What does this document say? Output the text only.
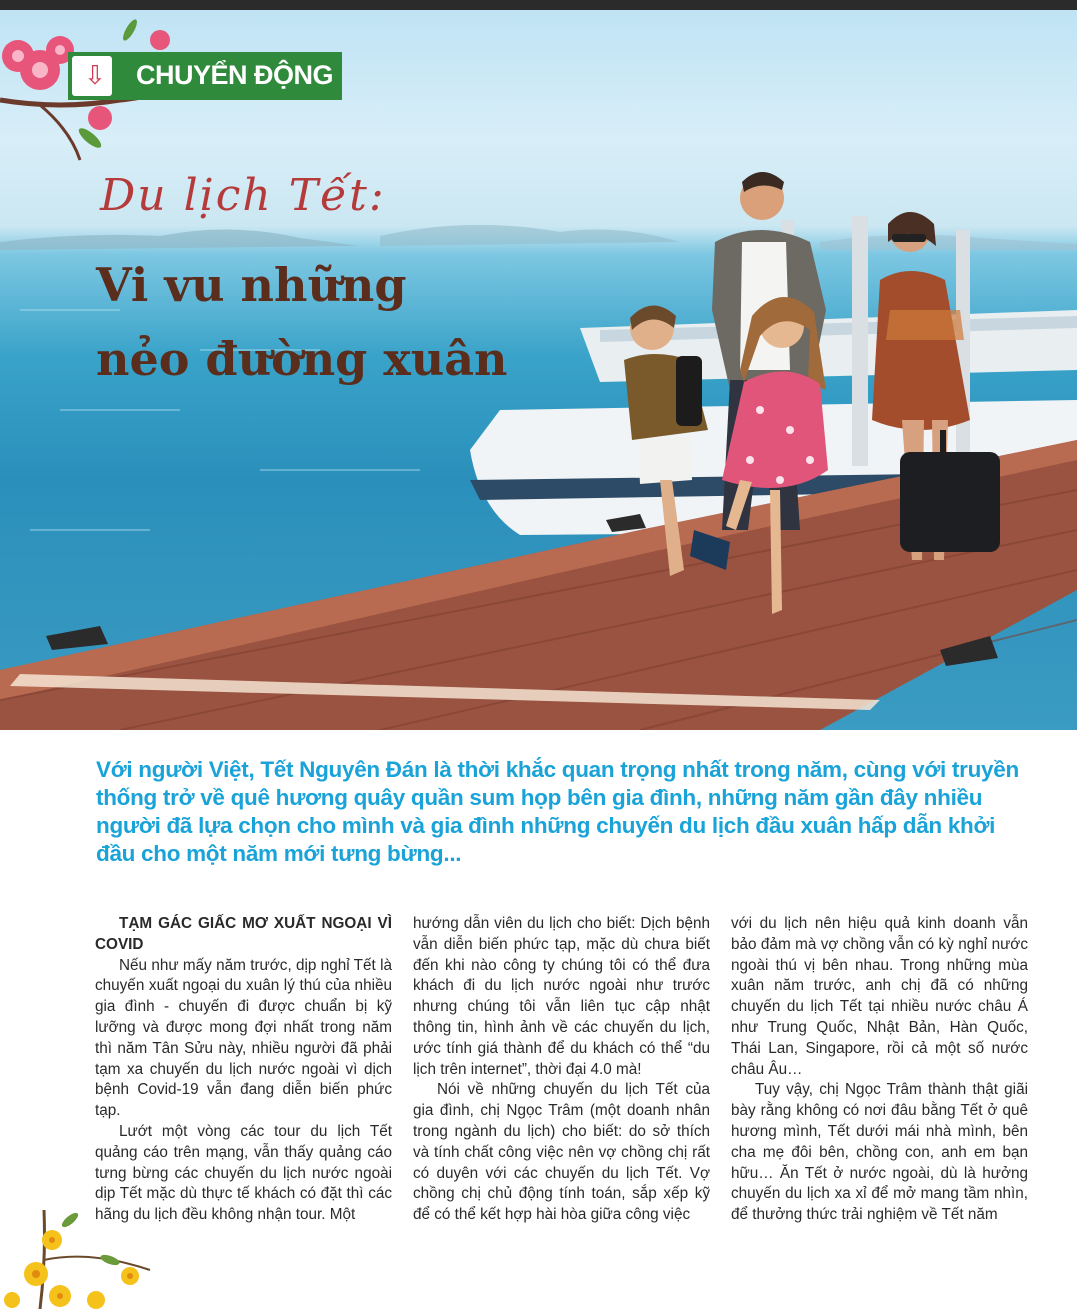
⇩ CHUYỂN ĐỘNG
Du lịch Tết:
Vi vu những
nẻo đường xuân
Với người Việt, Tết Nguyên Đán là thời khắc quan trọng nhất trong năm, cùng với truyền thống trở về quê hương quây quần sum họp bên gia đình, những năm gần đây nhiều người đã lựa chọn cho mình và gia đình những chuyến du lịch đầu xuân hấp dẫn khởi đầu cho một năm mới tưng bừng...

TẠM GÁC GIẤC MƠ XUẤT NGOẠI VÌ COVID

Nếu như mấy năm trước, dịp nghỉ Tết là chuyến xuất ngoại du xuân lý thú của nhiều gia đình - chuyến đi được chuẩn bị kỹ lưỡng và được mong đợi nhất trong năm thì năm Tân Sửu này, nhiều người đã phải tạm xa chuyến du lịch nước ngoài vì dịch bệnh Covid-19 vẫn đang diễn biến phức tạp.

Lướt một vòng các tour du lịch Tết quảng cáo trên mạng, vẫn thấy quảng cáo tưng bừng các chuyến du lịch nước ngoài dịp Tết mặc dù thực tế khách có đặt thì các hãng du lịch đều không nhận tour. Một

hướng dẫn viên du lịch cho biết: Dịch bệnh vẫn diễn biến phức tạp, mặc dù chưa biết đến khi nào công ty chúng tôi có thể đưa khách đi du lịch nước ngoài như trước nhưng chúng tôi vẫn liên tục cập nhật thông tin, hình ảnh về các chuyến du lịch, ước tính giá thành để du khách có thể “du lịch trên internet”, thời đại 4.0 mà!

Nói về những chuyến du lịch Tết của gia đình, chị Ngọc Trâm (một doanh nhân trong ngành du lịch) cho biết: do sở thích và tính chất công việc nên vợ chồng chị rất có duyên với các chuyến du lịch Tết. Vợ chồng chị chủ động tính toán, sắp xếp kỹ để có thể kết hợp hài hòa giữa công việc

với du lịch nên hiệu quả kinh doanh vẫn bảo đảm mà vợ chồng vẫn có kỳ nghỉ nước ngoài thú vị bên nhau. Trong những mùa xuân năm trước, anh chị đã có những chuyến du lịch Tết tại nhiều nước châu Á như Trung Quốc, Nhật Bản, Hàn Quốc, Thái Lan, Singapore, rồi cả một số nước châu Âu…

Tuy vậy, chị Ngọc Trâm thành thật giãi bày rằng không có nơi đâu bằng Tết ở quê hương mình, Tết dưới mái nhà mình, bên cha mẹ đôi bên, chồng con, anh em bạn hữu… Ăn Tết ở nước ngoài, dù là hưởng chuyến du lịch xa xỉ để mở mang tầm nhìn, để thưởng thức trải nghiệm về Tết năm
